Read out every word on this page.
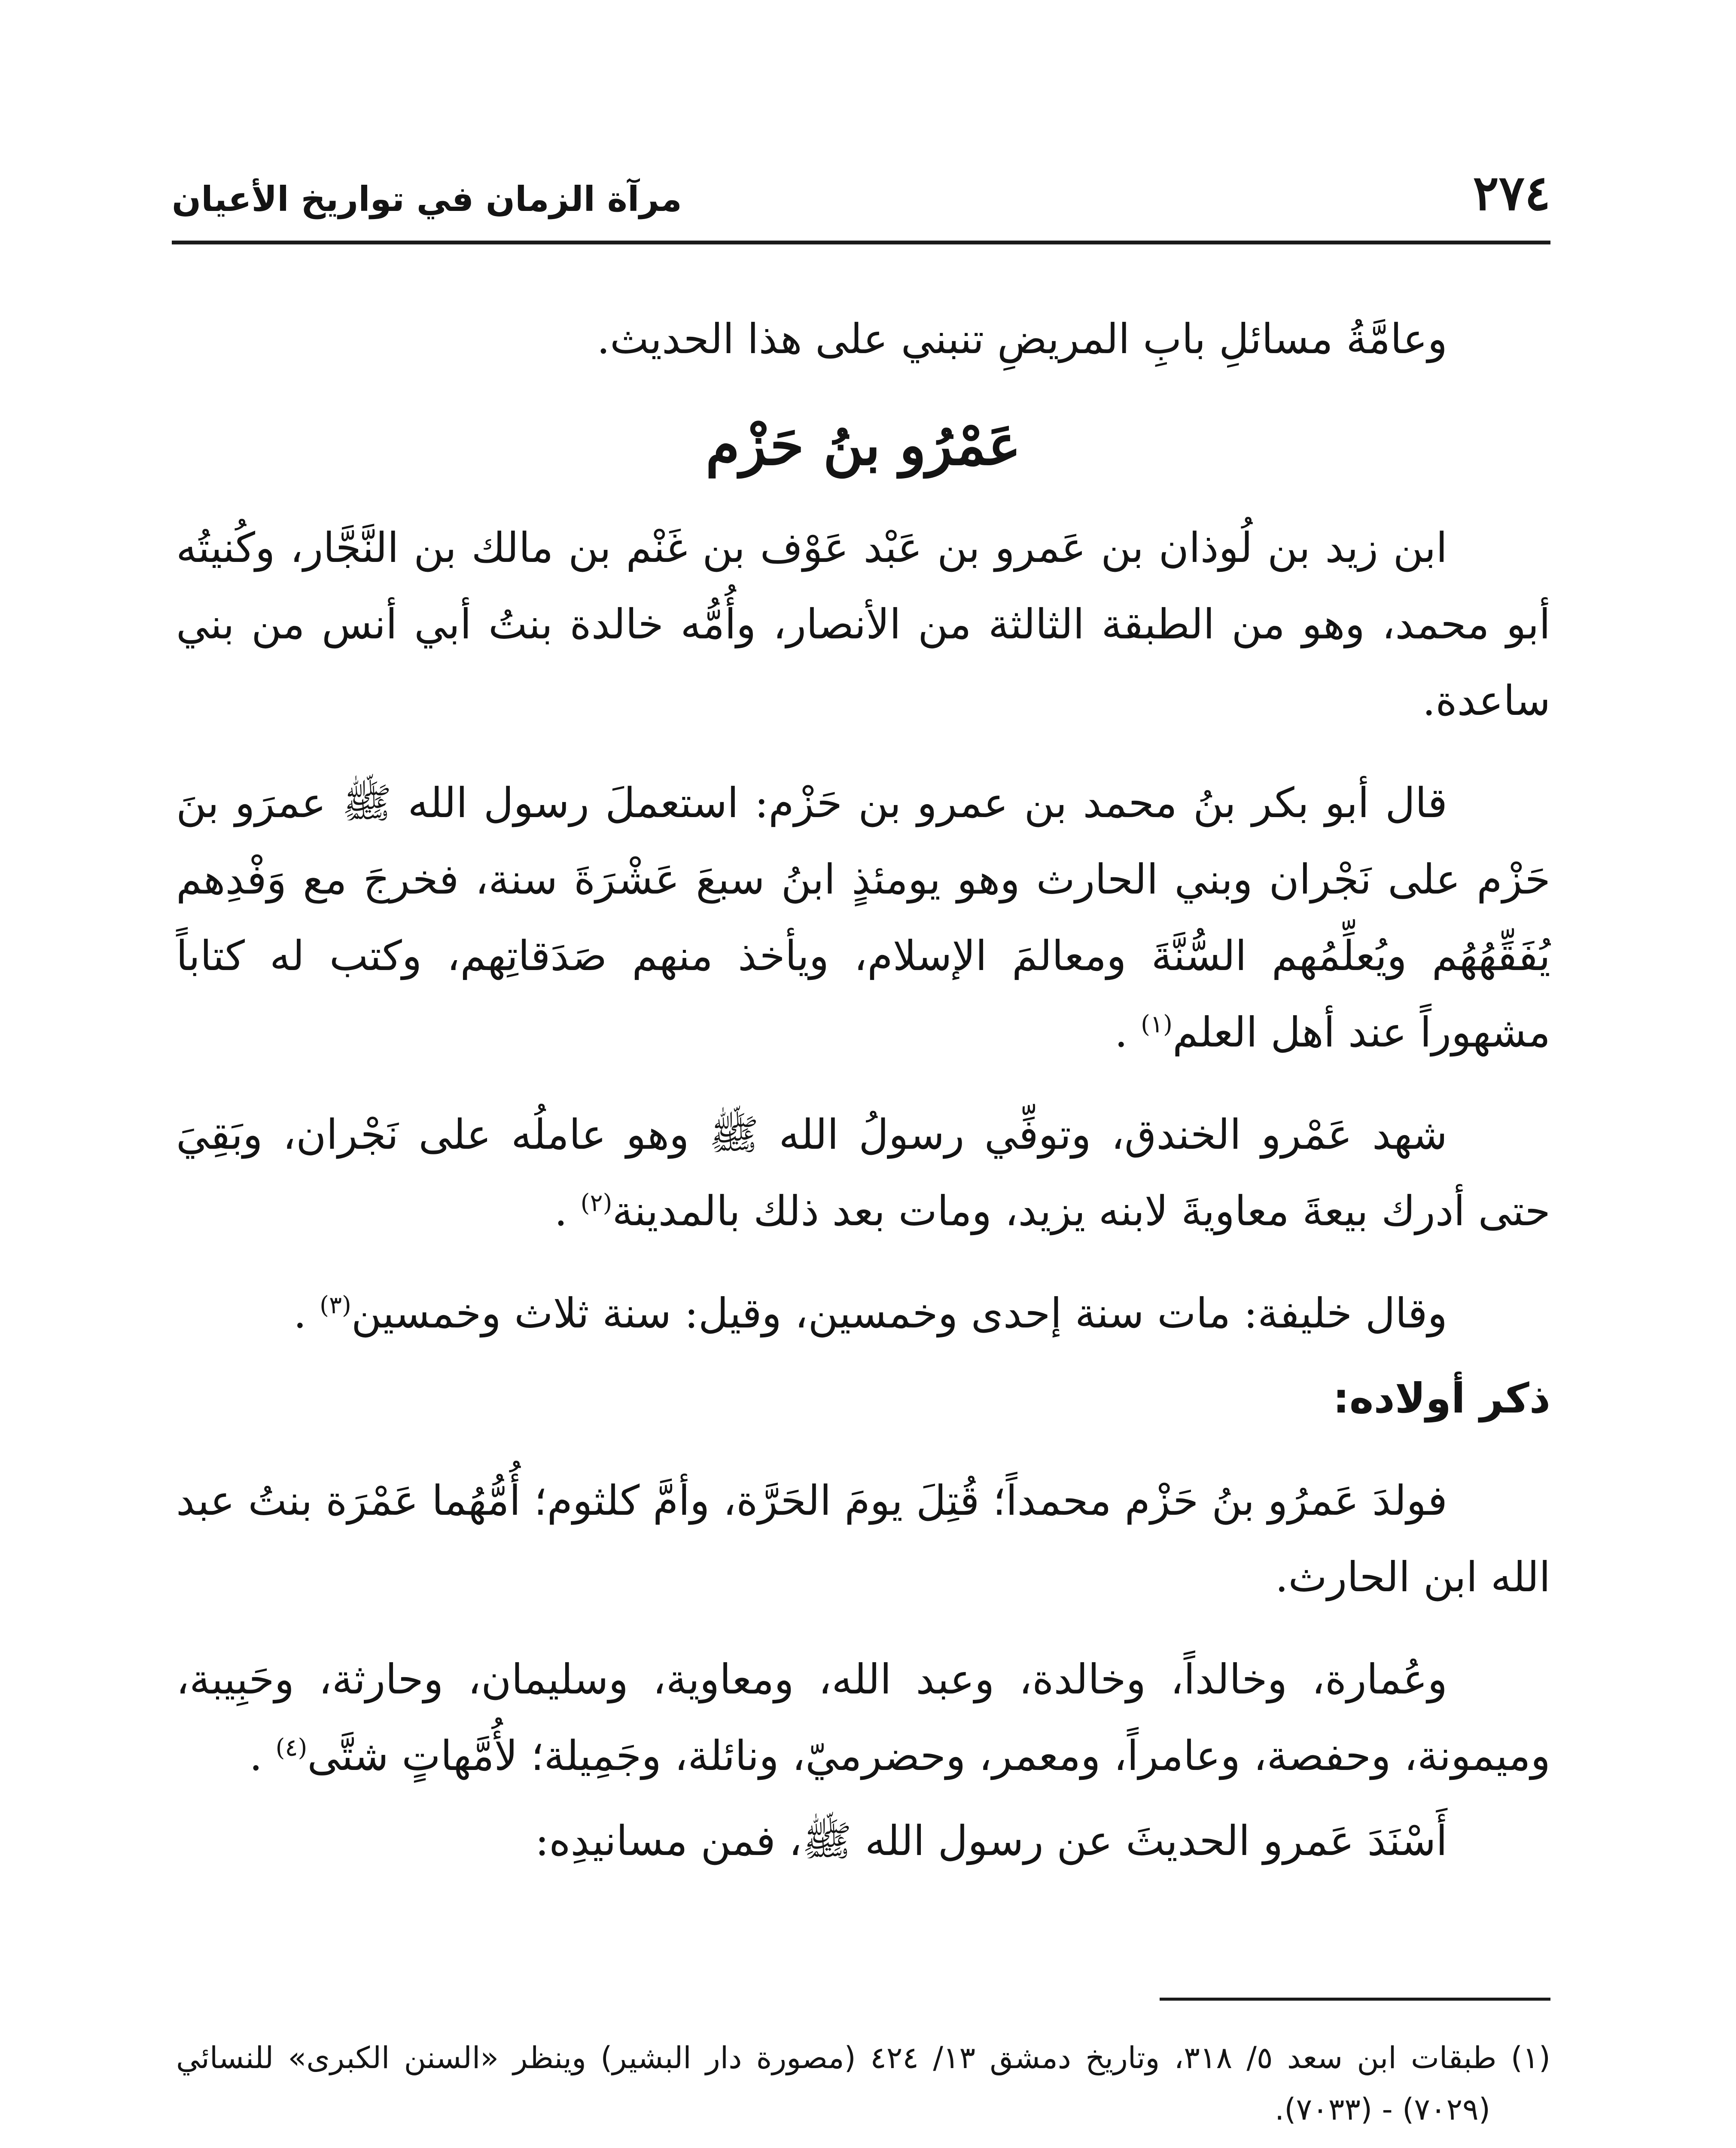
٢٧٤
مرآة الزمان في تواريخ الأعيان

وعامَّةُ مسائلِ بابِ المريضِ تنبني على هذا الحديث.

عَمْرُو بنُ حَزْم

ابن زيد بن لُوذان بن عَمرو بن عَبْد عَوْف بن غَنْم بن مالك بن النَّجَّار، وكُنيتُه أبو محمد، وهو من الطبقة الثالثة من الأنصار، وأُمُّه خالدة بنتُ أبي أنس من بني ساعدة.

قال أبو بكر بنُ محمد بن عمرو بن حَزْم: استعملَ رسول الله ﷺ عمرَو بنَ حَزْم على نَجْران وبني الحارث وهو يومئذٍ ابنُ سبعَ عَشْرَةَ سنة، فخرجَ مع وَفْدِهم يُفَقِّهُهُم ويُعلِّمُهم السُّنَّةَ ومعالمَ الإسلام، ويأخذ منهم صَدَقاتِهم، وكتب له كتاباً مشهوراً عند أهل العلم$^{(١)}$ .

شهد عَمْرو الخندق، وتوفِّي رسولُ الله ﷺ وهو عاملُه على نَجْران، وبَقِيَ حتى أدرك بيعةَ معاويةَ لابنه يزيد، ومات بعد ذلك بالمدينة$^{(٢)}$ .

وقال خليفة: مات سنة إحدى وخمسين، وقيل: سنة ثلاث وخمسين$^{(٣)}$ .

ذكر أولاده:

فولدَ عَمرُو بنُ حَزْم محمداً؛ قُتِلَ يومَ الحَرَّة، وأمَّ كلثوم؛ أُمُّهُما عَمْرَة بنتُ عبد الله ابن الحارث.

وعُمارة، وخالداً، وخالدة، وعبد الله، ومعاوية، وسليمان، وحارثة، وحَبِيبة، وميمونة، وحفصة، وعامراً، ومعمر، وحضرميّ، ونائلة، وجَمِيلة؛ لأُمَّهاتٍ شتَّى$^{(٤)}$ .

أَسْنَدَ عَمرو الحديثَ عن رسول الله ﷺ، فمن مسانيدِه:

(١) طبقات ابن سعد ٥/ ٣١٨، وتاريخ دمشق ١٣/ ٤٢٤ (مصورة دار البشير) وينظر «السنن الكبرى» للنسائي (٧٠٢٩) - (٧٠٣٣).
